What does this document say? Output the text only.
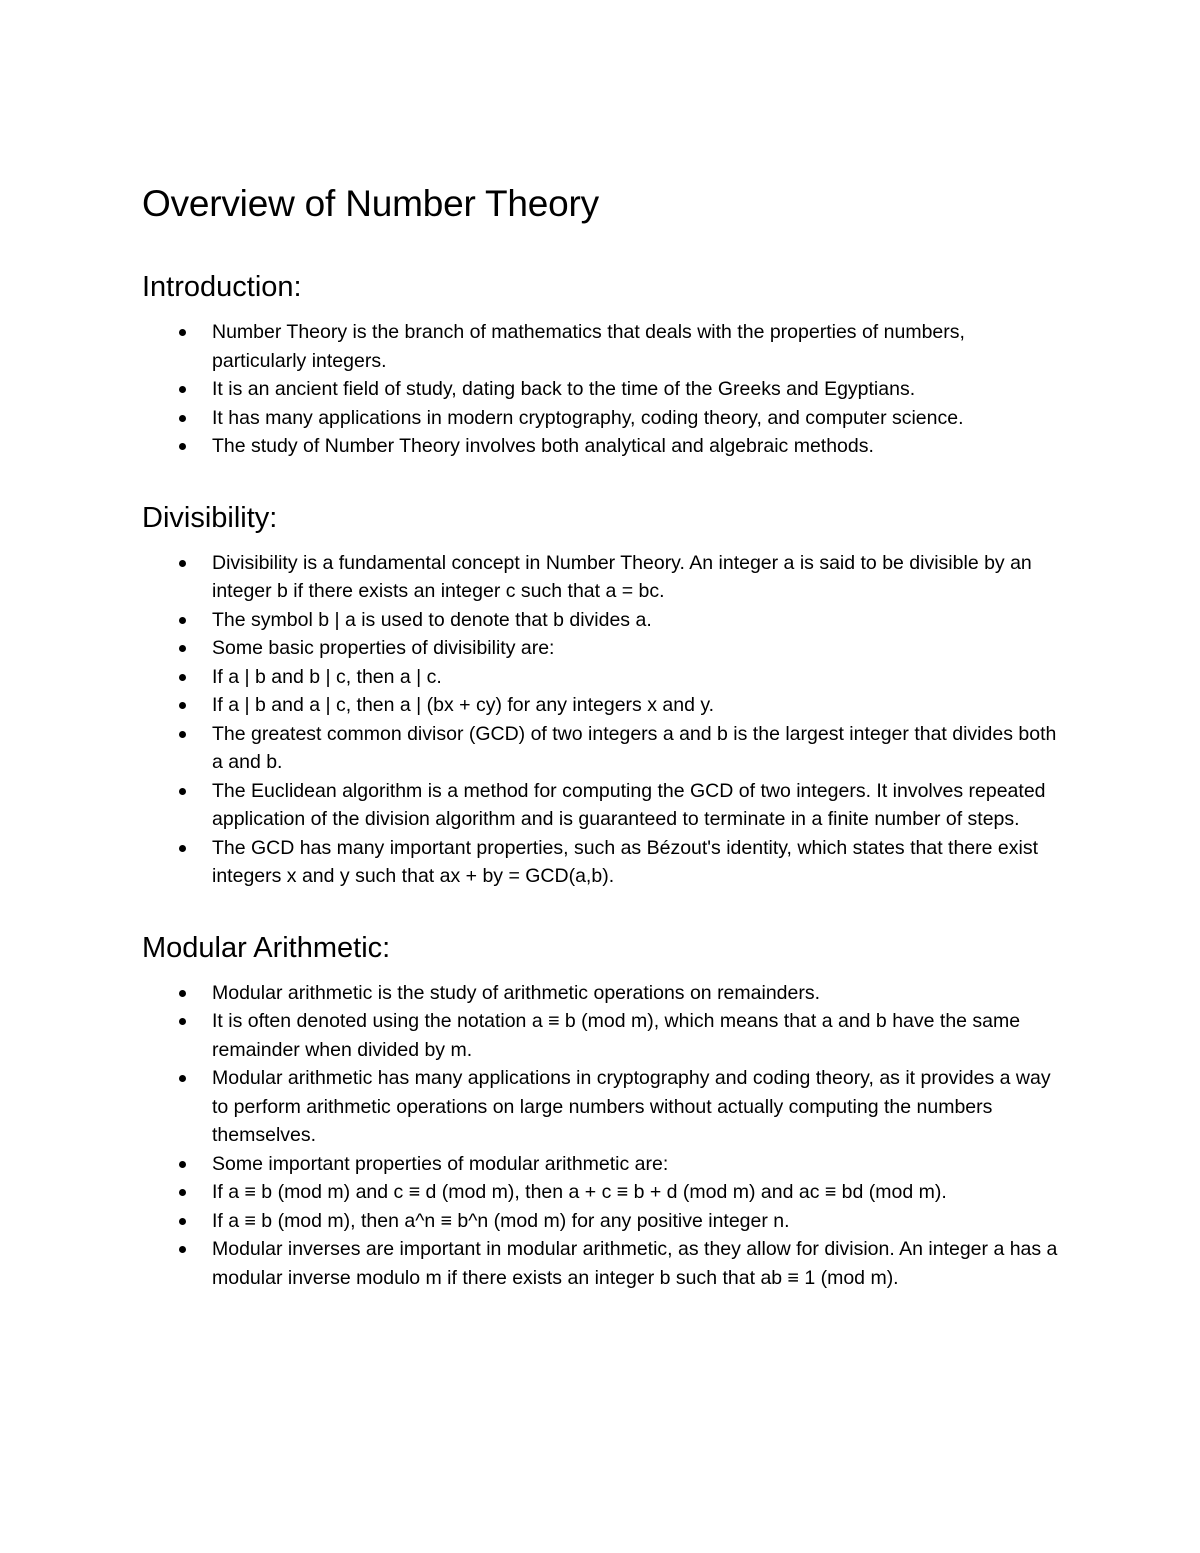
Overview of Number Theory
Introduction:
Number Theory is the branch of mathematics that deals with the properties of numbers, particularly integers.
It is an ancient field of study, dating back to the time of the Greeks and Egyptians.
It has many applications in modern cryptography, coding theory, and computer science.
The study of Number Theory involves both analytical and algebraic methods.
Divisibility:
Divisibility is a fundamental concept in Number Theory. An integer a is said to be divisible by an integer b if there exists an integer c such that a = bc.
The symbol b | a is used to denote that b divides a.
Some basic properties of divisibility are:
If a | b and b | c, then a | c.
If a | b and a | c, then a | (bx + cy) for any integers x and y.
The greatest common divisor (GCD) of two integers a and b is the largest integer that divides both a and b.
The Euclidean algorithm is a method for computing the GCD of two integers. It involves repeated application of the division algorithm and is guaranteed to terminate in a finite number of steps.
The GCD has many important properties, such as Bézout's identity, which states that there exist integers x and y such that ax + by = GCD(a,b).
Modular Arithmetic:
Modular arithmetic is the study of arithmetic operations on remainders.
It is often denoted using the notation a ≡ b (mod m), which means that a and b have the same remainder when divided by m.
Modular arithmetic has many applications in cryptography and coding theory, as it provides a way to perform arithmetic operations on large numbers without actually computing the numbers themselves.
Some important properties of modular arithmetic are:
If a ≡ b (mod m) and c ≡ d (mod m), then a + c ≡ b + d (mod m) and ac ≡ bd (mod m).
If a ≡ b (mod m), then a^n ≡ b^n (mod m) for any positive integer n.
Modular inverses are important in modular arithmetic, as they allow for division. An integer a has a modular inverse modulo m if there exists an integer b such that ab ≡ 1 (mod m).
